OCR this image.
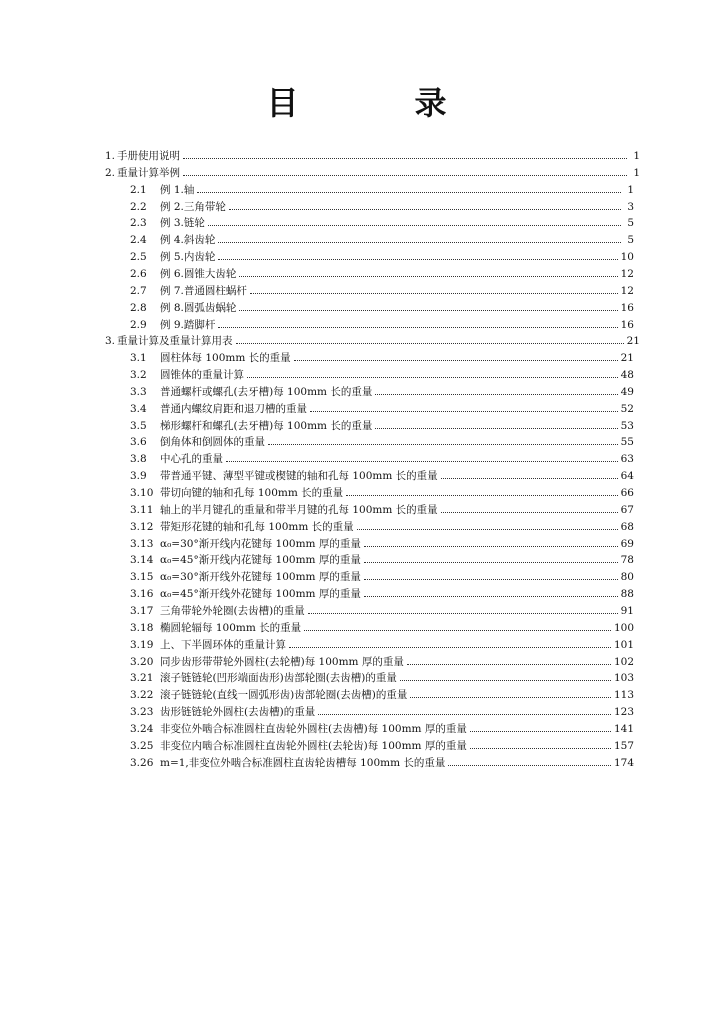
目　录
1. 手册使用说明	1
2. 重量计算举例	1
2.1	例 1.轴	1
2.2	例 2.三角带轮	3
2.3	例 3.链轮	5
2.4	例 4.斜齿轮	5
2.5	例 5.内齿轮	10
2.6	例 6.圆锥大齿轮	12
2.7	例 7.普通圆柱蜗杆	12
2.8	例 8.圆弧齿蜗轮	16
2.9	例 9.踏脚杆	16
3. 重量计算及重量计算用表	21
3.1	圆柱体每 100mm 长的重量	21
3.2	圆锥体的重量计算	48
3.3	普通螺杆或螺孔(去牙槽)每 100mm 长的重量	49
3.4	普通内螺纹肩距和退刀槽的重量	52
3.5	梯形螺杆和螺孔(去牙槽)每 100mm 长的重量	53
3.6	倒角体和倒圆体的重量	55
3.8	中心孔的重量	63
3.9	带普通平键、薄型平键或楔键的轴和孔每 100mm 长的重量	64
3.10 带切向键的轴和孔每 100mm 长的重量	66
3.11 轴上的半月键孔的重量和带半月键的孔每 100mm 长的重量	67
3.12 带矩形花键的轴和孔每 100mm 长的重量	68
3.13 α₀=30°渐开线内花键每 100mm 厚的重量	69
3.14 α₀=45°渐开线内花键每 100mm 厚的重量	78
3.15 α₀=30°渐开线外花键每 100mm 厚的重量	80
3.16 α₀=45°渐开线外花键每 100mm 厚的重量	88
3.17 三角带轮外轮圈(去齿槽)的重量	91
3.18 椭圆轮辐每 100mm 长的重量	100
3.19 上、下半圆环体的重量计算	101
3.20 同步齿形带带轮外圆柱(去轮槽)每 100mm 厚的重量	102
3.21 滚子链链轮(凹形端面齿形)齿部轮圈(去齿槽)的重量	103
3.22 滚子链链轮(直线一圆弧形齿)齿部轮圈(去齿槽)的重量	113
3.23 齿形链链轮外圆柱(去齿槽)的重量	123
3.24 非变位外啮合标准圆柱直齿轮外圆柱(去齿槽)每 100mm 厚的重量	141
3.25 非变位内啮合标准圆柱直齿轮外圆柱(去轮齿)每 100mm 厚的重量	157
3.26 m=1,非变位外啮合标准圆柱直齿轮齿槽每 100mm 长的重量	174
